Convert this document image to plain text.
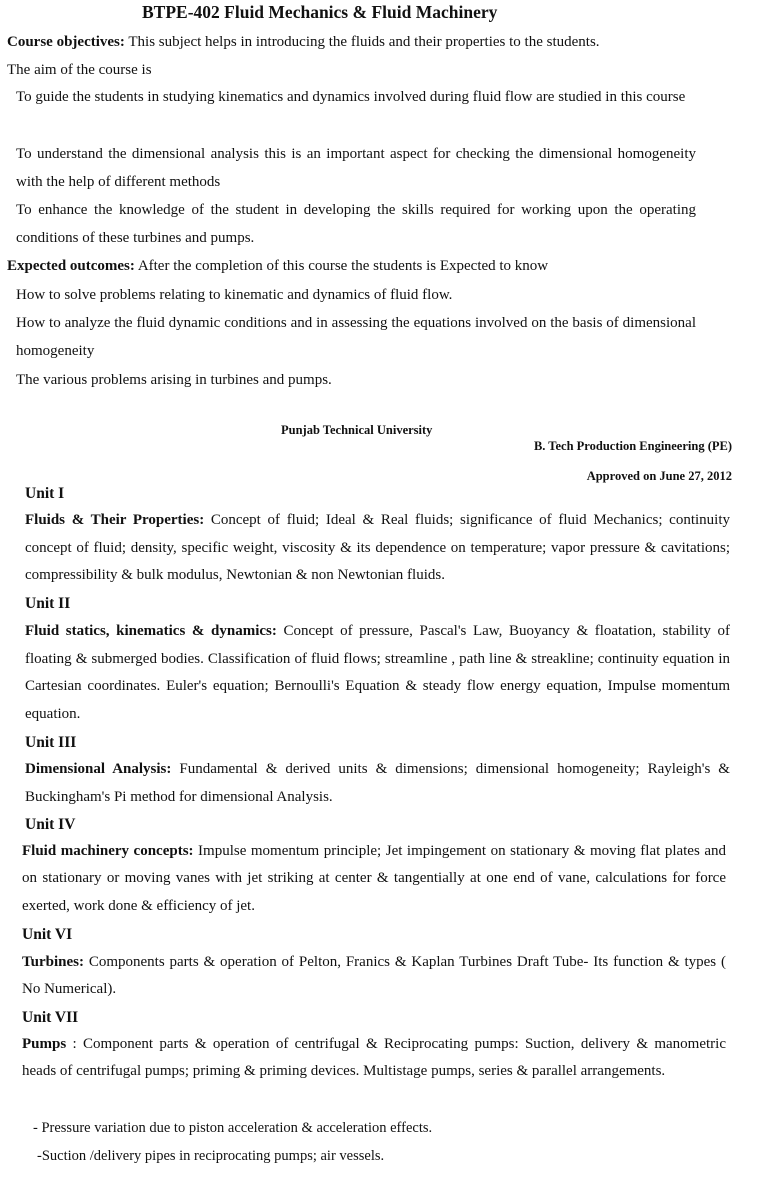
BTPE-402 Fluid Mechanics & Fluid Machinery
Course objectives: This subject helps in introducing the fluids and their properties to the students.
The aim of the course is
To guide the students in studying kinematics and dynamics involved during fluid flow are studied in this course
To understand the dimensional analysis this is an important aspect for checking the dimensional homogeneity with the help of different methods
To enhance the knowledge of the student in developing the skills required for working upon the operating conditions of these turbines and pumps.
Expected outcomes: After the completion of this course the students is Expected to know
How to solve problems relating to kinematic and dynamics of fluid flow.
How to analyze the fluid dynamic conditions and in assessing the equations involved on the basis of dimensional homogeneity
The various problems arising in turbines and pumps.
Punjab Technical University
B. Tech Production Engineering (PE)
Approved on June 27, 2012
Unit I
Fluids & Their Properties: Concept of fluid; Ideal & Real fluids; significance of fluid Mechanics; continuity concept of fluid; density, specific weight, viscosity & its dependence on temperature; vapor pressure & cavitations; compressibility & bulk modulus, Newtonian & non Newtonian fluids.
Unit II
Fluid statics, kinematics & dynamics: Concept of pressure, Pascal's Law, Buoyancy & floatation, stability of floating & submerged bodies. Classification of fluid flows; streamline , path line & streakline; continuity equation in Cartesian coordinates. Euler's equation; Bernoulli's Equation & steady flow energy equation, Impulse momentum equation.
Unit III
Dimensional Analysis: Fundamental & derived units & dimensions; dimensional homogeneity; Rayleigh's & Buckingham's Pi method for dimensional Analysis.
Unit IV
Fluid machinery concepts: Impulse momentum principle; Jet impingement on stationary & moving flat plates and on stationary or moving vanes with jet striking at center & tangentially at one end of vane, calculations for force exerted, work done & efficiency of jet.
Unit VI
Turbines: Components parts & operation of Pelton, Franics & Kaplan Turbines Draft Tube- Its function & types ( No Numerical).
Unit VII
Pumps : Component parts & operation of centrifugal & Reciprocating pumps: Suction, delivery & manometric heads of centrifugal pumps; priming & priming devices. Multistage pumps, series & parallel arrangements.
- Pressure variation due to piston acceleration & acceleration effects.
-Suction /delivery pipes in reciprocating pumps; air vessels.
